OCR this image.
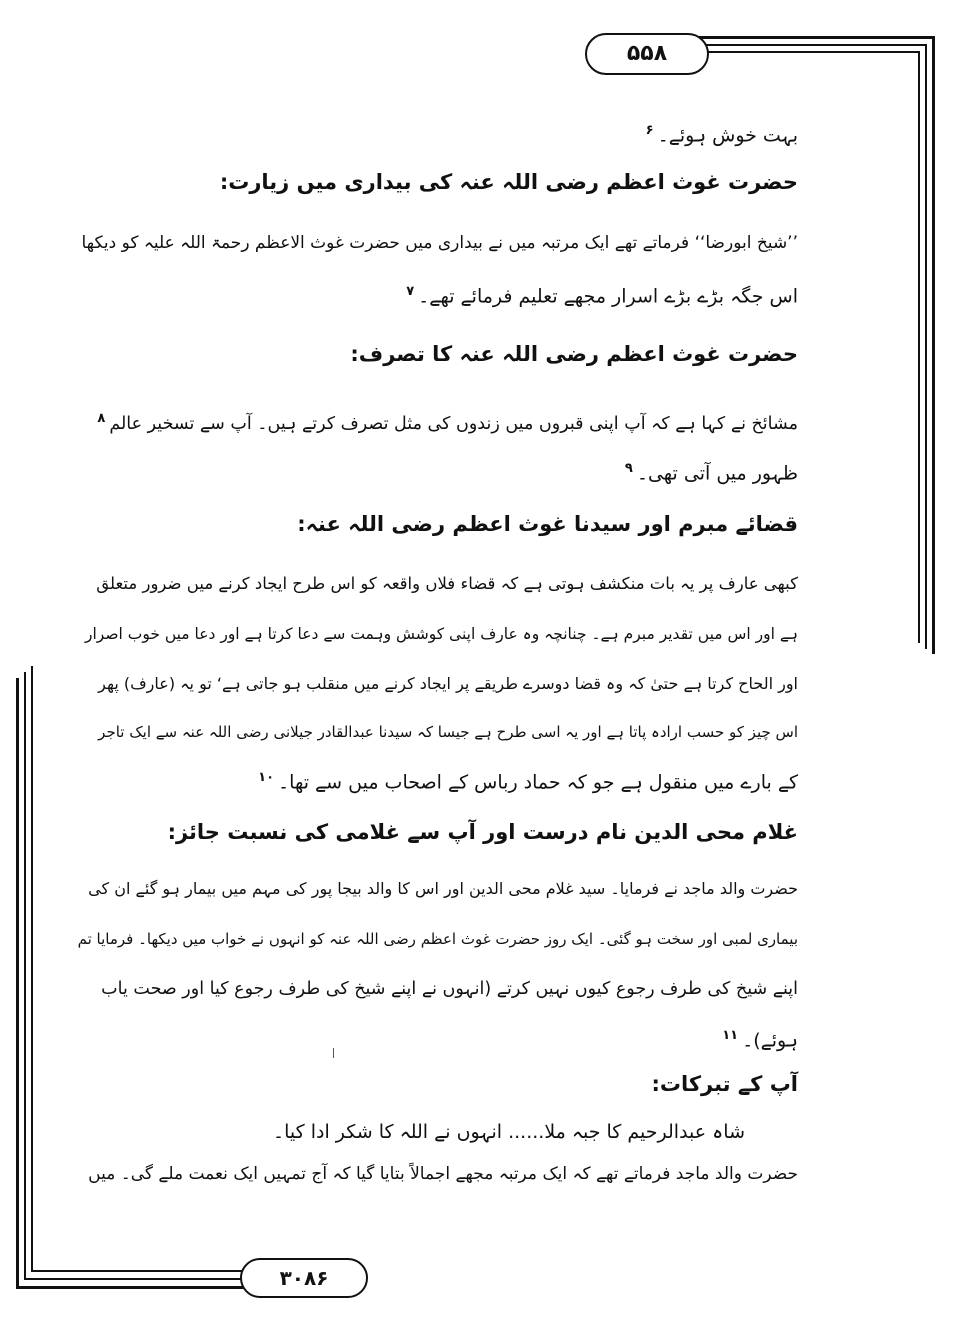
۵۵۸
۳۰۸۶
بہت خوش ہوئے۔$^۶$
حضرت غوث اعظم رضی اللہ عنہ کی بیداری میں زیارت:
’’شیخ ابورضا‘‘ فرماتے تھے ایک مرتبہ میں نے بیداری میں حضرت غوث الاعظم رحمۃ اللہ علیہ کو دیکھا
اس جگہ بڑے بڑے اسرار مجھے تعلیم فرمائے تھے۔$^۷$
حضرت غوث اعظم رضی اللہ عنہ کا تصرف:
مشائخ نے کہا ہے کہ آپ اپنی قبروں میں زندوں کی مثل تصرف کرتے ہیں۔ آپ سے تسخیر عالم$^۸$
ظہور میں آتی تھی۔$^۹$
قضائے مبرم اور سیدنا غوث اعظم رضی اللہ عنہ:
کبھی عارف پر یہ بات منکشف ہوتی ہے کہ قضاء فلاں واقعہ کو اس طرح ایجاد کرنے میں ضرور متعلق
ہے اور اس میں تقدیر مبرم ہے۔ چنانچہ وہ عارف اپنی کوشش وہمت سے دعا کرتا ہے اور دعا میں خوب اصرار
اور الحاح کرتا ہے حتیٰ کہ وہ قضا دوسرے طریقے پر ایجاد کرنے میں منقلب ہو جاتی ہے‘ تو یہ (عارف) پھر
اس چیز کو حسب ارادہ پاتا ہے اور یہ اسی طرح ہے جیسا کہ سیدنا عبدالقادر جیلانی رضی اللہ عنہ سے ایک تاجر
کے بارے میں منقول ہے جو کہ حماد رباس کے اصحاب میں سے تھا۔$^{۱۰}$
غلام محی الدین نام درست اور آپ سے غلامی کی نسبت جائز:
حضرت والد ماجد نے فرمایا۔ سید غلام محی الدین اور اس کا والد بیجا پور کی مہم میں بیمار ہو گئے ان کی
بیماری لمبی اور سخت ہو گئی۔ ایک روز حضرت غوث اعظم رضی اللہ عنہ کو انہوں نے خواب میں دیکھا۔ فرمایا تم
اپنے شیخ کی طرف رجوع کیوں نہیں کرتے (انہوں نے اپنے شیخ کی طرف رجوع کیا اور صحت یاب
ہوئے)۔$^{۱۱}$
آپ کے تبرکات:
شاہ عبدالرحیم کا جبہ ملا...... انہوں نے اللہ کا شکر ادا کیا۔
حضرت والد ماجد فرماتے تھے کہ ایک مرتبہ مجھے اجمالاً بتایا گیا کہ آج تمہیں ایک نعمت ملے گی۔ میں
